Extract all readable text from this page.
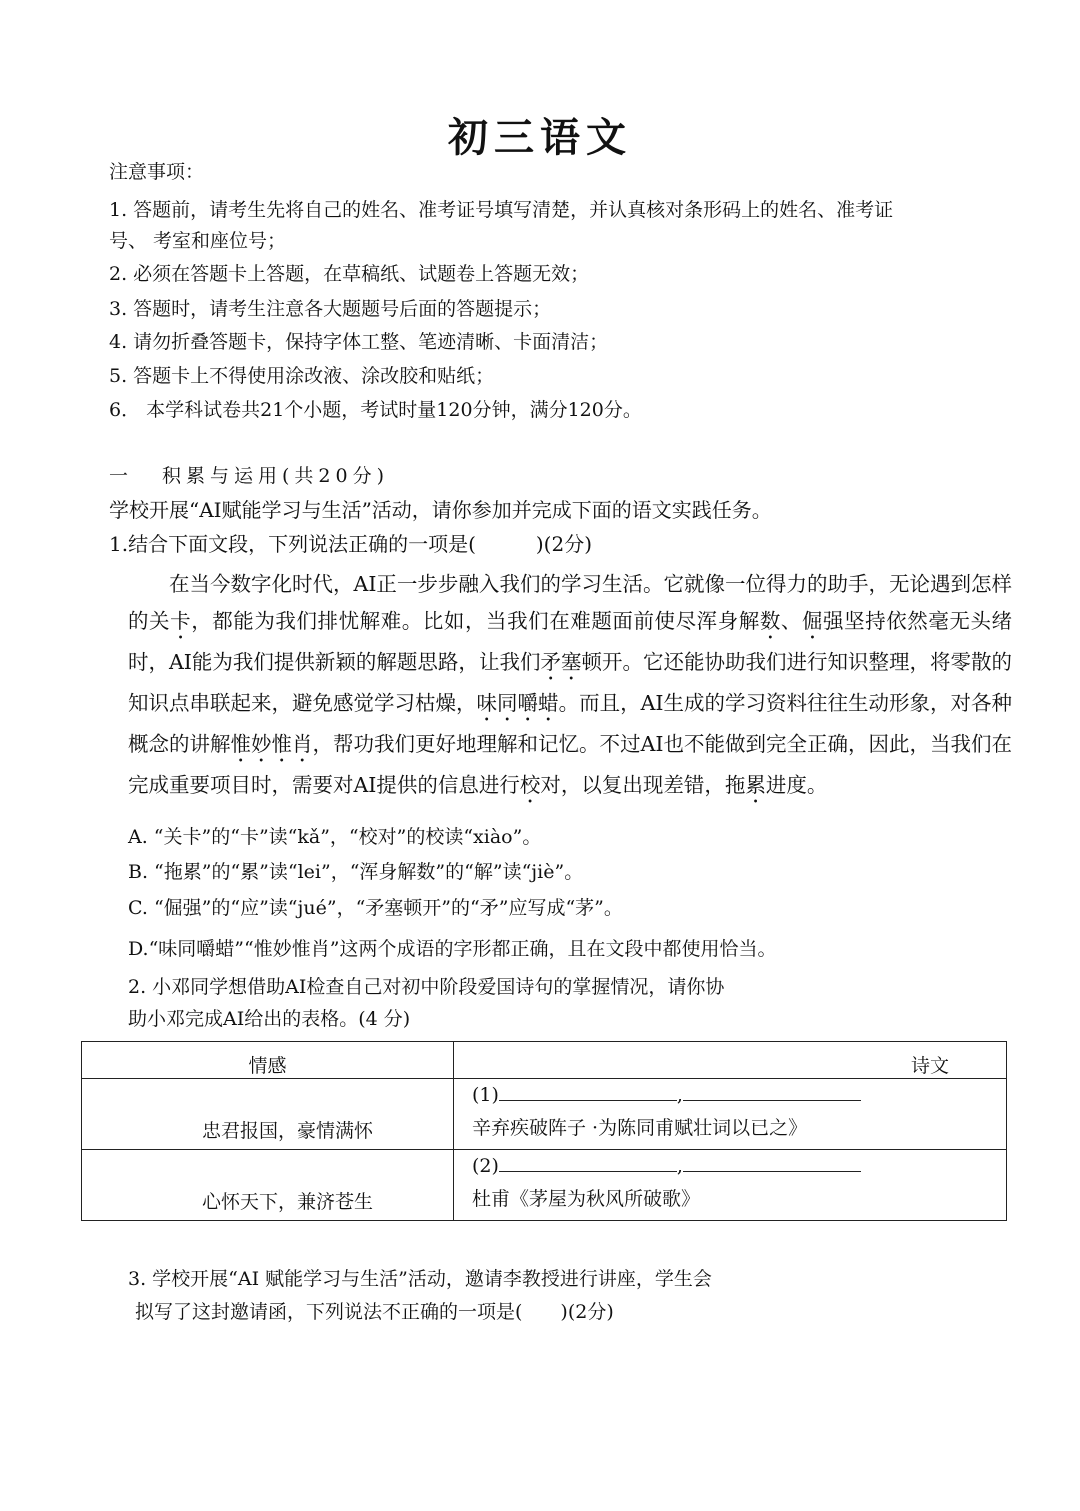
初三语文
注意事项：
1. 答题前，请考生先将自己的姓名、准考证号填写清楚，并认真核对条形码上的姓名、准考证
号、 考室和座位号；
2. 必须在答题卡上答题，在草稿纸、试题卷上答题无效；
3. 答题时，请考生注意各大题题号后面的答题提示；
4. 请勿折叠答题卡，保持字体工整、笔迹清晰、卡面清洁；
5. 答题卡上不得使用涂改液、涂改胶和贴纸；
6． 本学科试卷共21个小题，考试时量120分钟，满分120分。
一 积累与运用(共20分)
学校开展“AI赋能学习与生活”活动，请你参加并完成下面的语文实践任务。
1.结合下面文段，下列说法正确的一项是(　　　)(2分)
在当今数字化时代，AI正一步步融入我们的学习生活。它就像一位得力的助手，无论遇到怎样的关卡，都能为我们排忧解难。比如，当我们在难题面前使尽浑身解数、倔强坚持依然毫无头绪时，AI能为我们提供新颖的解题思路，让我们矛塞顿开。它还能协助我们进行知识整理，将零散的知识点串联起来，避免感觉学习枯燥，味同嚼蜡。而且，AI生成的学习资料往往生动形象，对各种概念的讲解惟妙惟肖，帮功我们更好地理解和记忆。不过AI也不能做到完全正确，因此，当我们在完成重要项目时，需要对AI提供的信息进行校对，以复出现差错，拖累进度。
A. “关卡”的“卡”读“kǎ”，“校对”的校读“xiào”。
B. “拖累”的“累”读“lei”，“浑身解数”的“解”读“jiè”。
C. “倔强”的“应”读“jué”，“矛塞顿开”的“矛”应写成“茅”。
D.“味同嚼蜡”“惟妙惟肖”这两个成语的字形都正确，且在文段中都使用恰当。
2. 小邓同学想借助AI检查自己对初中阶段爱国诗句的掌握情况，请你协
助小邓完成AI给出的表格。(4 分)
情感	诗文

忠君报国，豪情满怀	(1) ,
辛弃疾破阵子 ·为陈同甫赋壮词以已之》

心怀天下，兼济苍生	(2) ,
杜甫《茅屋为秋风所破歌》
3. 学校开展“AI 赋能学习与生活”活动，邀请李教授进行讲座，学生会
拟写了这封邀请函，下列说法不正确的一项是(　　)(2分)
